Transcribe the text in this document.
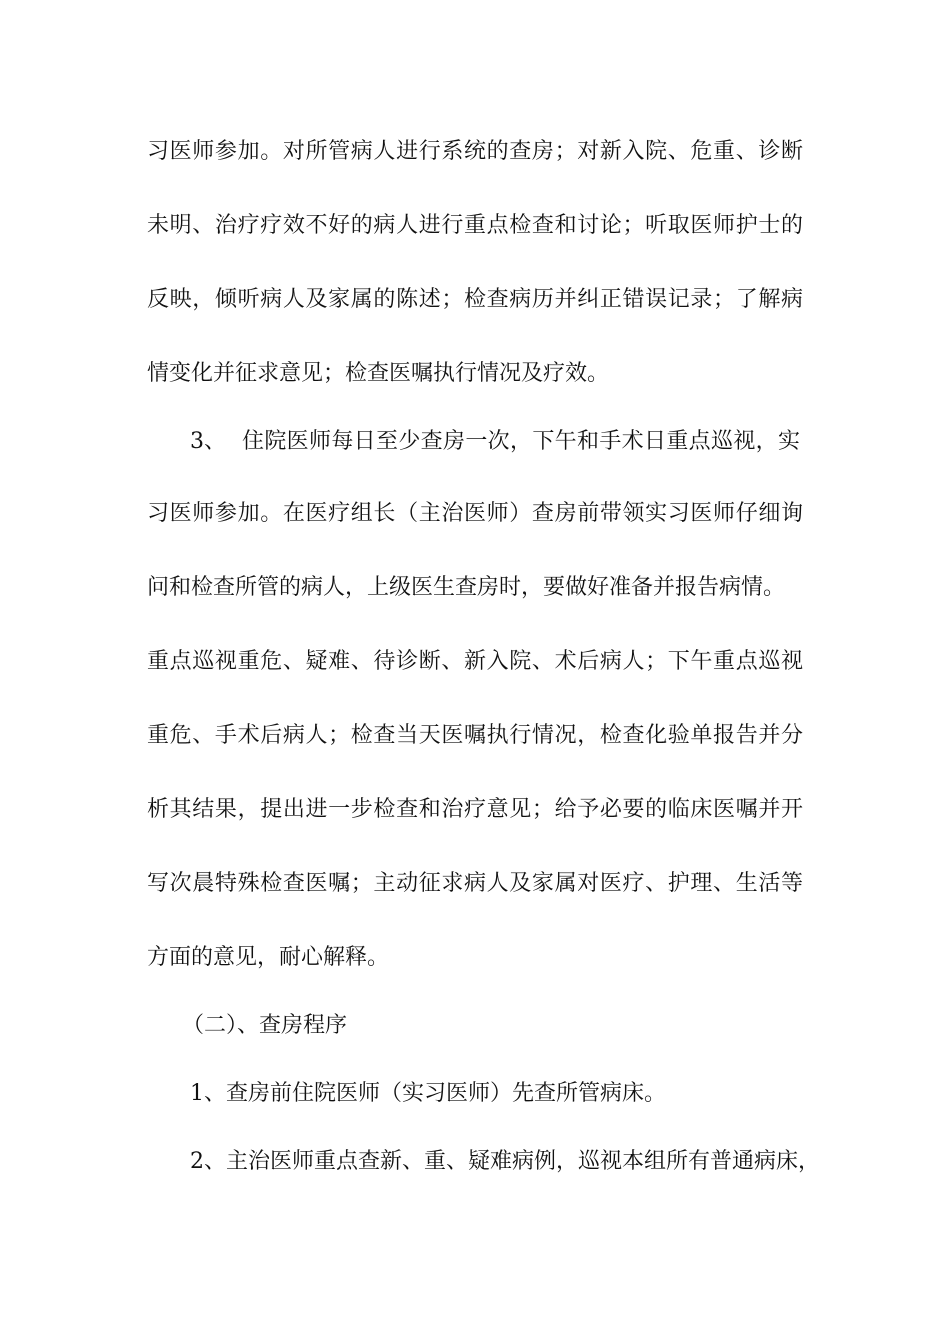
习医师参加。对所管病人进行系统的查房；对新入院、危重、诊断
未明、治疗疗效不好的病人进行重点检查和讨论；听取医师护士的
反映，倾听病人及家属的陈述；检查病历并纠正错误记录；了解病
情变化并征求意见；检查医嘱执行情况及疗效。
3、 住院医师每日至少查房一次，下午和手术日重点巡视，实
习医师参加。在医疗组长（主治医师）查房前带领实习医师仔细询
问和检查所管的病人，上级医生查房时，要做好准备并报告病情。
重点巡视重危、疑难、待诊断、新入院、术后病人；下午重点巡视
重危、手术后病人；检查当天医嘱执行情况，检查化验单报告并分
析其结果，提出进一步检查和治疗意见；给予必要的临床医嘱并开
写次晨特殊检查医嘱；主动征求病人及家属对医疗、护理、生活等
方面的意见，耐心解释。
（二）、查房程序
1、查房前住院医师（实习医师）先查所管病床。
2、主治医师重点查新、重、疑难病例，巡视本组所有普通病床，
